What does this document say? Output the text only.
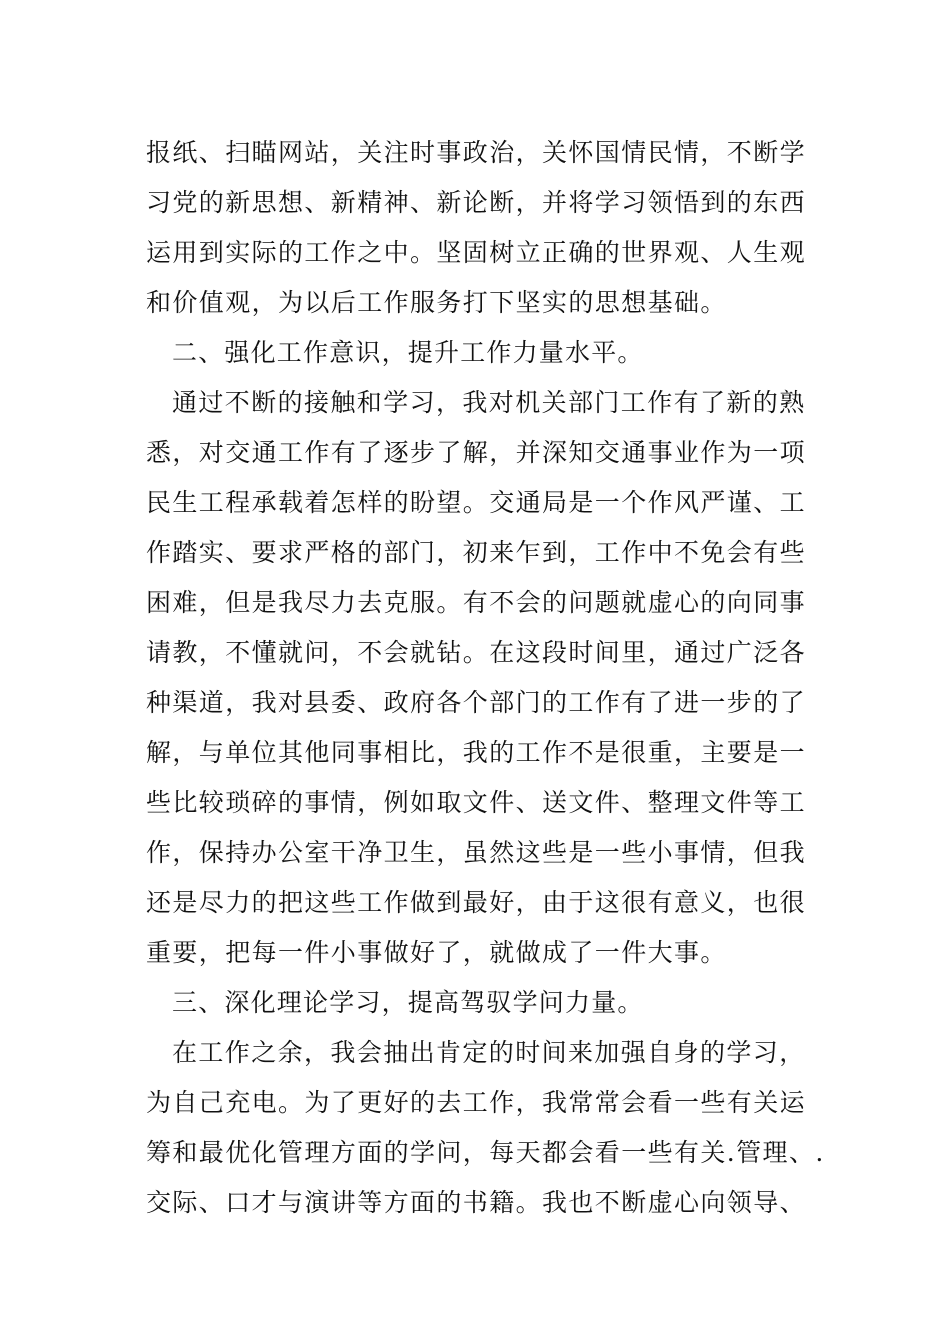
报纸、扫瞄网站，关注时事政治，关怀国情民情，不断学
习党的新思想、新精神、新论断，并将学习领悟到的东西
运用到实际的工作之中。坚固树立正确的世界观、人生观
和价值观，为以后工作服务打下坚实的思想基础。
二、强化工作意识，提升工作力量水平。
通过不断的接触和学习，我对机关部门工作有了新的熟
悉，对交通工作有了逐步了解，并深知交通事业作为一项
民生工程承载着怎样的盼望。交通局是一个作风严谨、工
作踏实、要求严格的部门，初来乍到，工作中不免会有些
困难，但是我尽力去克服。有不会的问题就虚心的向同事
请教，不懂就问，不会就钻。在这段时间里，通过广泛各
种渠道，我对县委、政府各个部门的工作有了进一步的了
解，与单位其他同事相比，我的工作不是很重，主要是一
些比较琐碎的事情，例如取文件、送文件、整理文件等工
作，保持办公室干净卫生，虽然这些是一些小事情，但我
还是尽力的把这些工作做到最好，由于这很有意义，也很
重要，把每一件小事做好了，就做成了一件大事。
三、深化理论学习，提高驾驭学问力量。
在工作之余，我会抽出肯定的时间来加强自身的学习，
为自己充电。为了更好的去工作，我常常会看一些有关运
筹和最优化管理方面的学问，每天都会看一些有关.管理、.
交际、口才与演讲等方面的书籍。我也不断虚心向领导、
